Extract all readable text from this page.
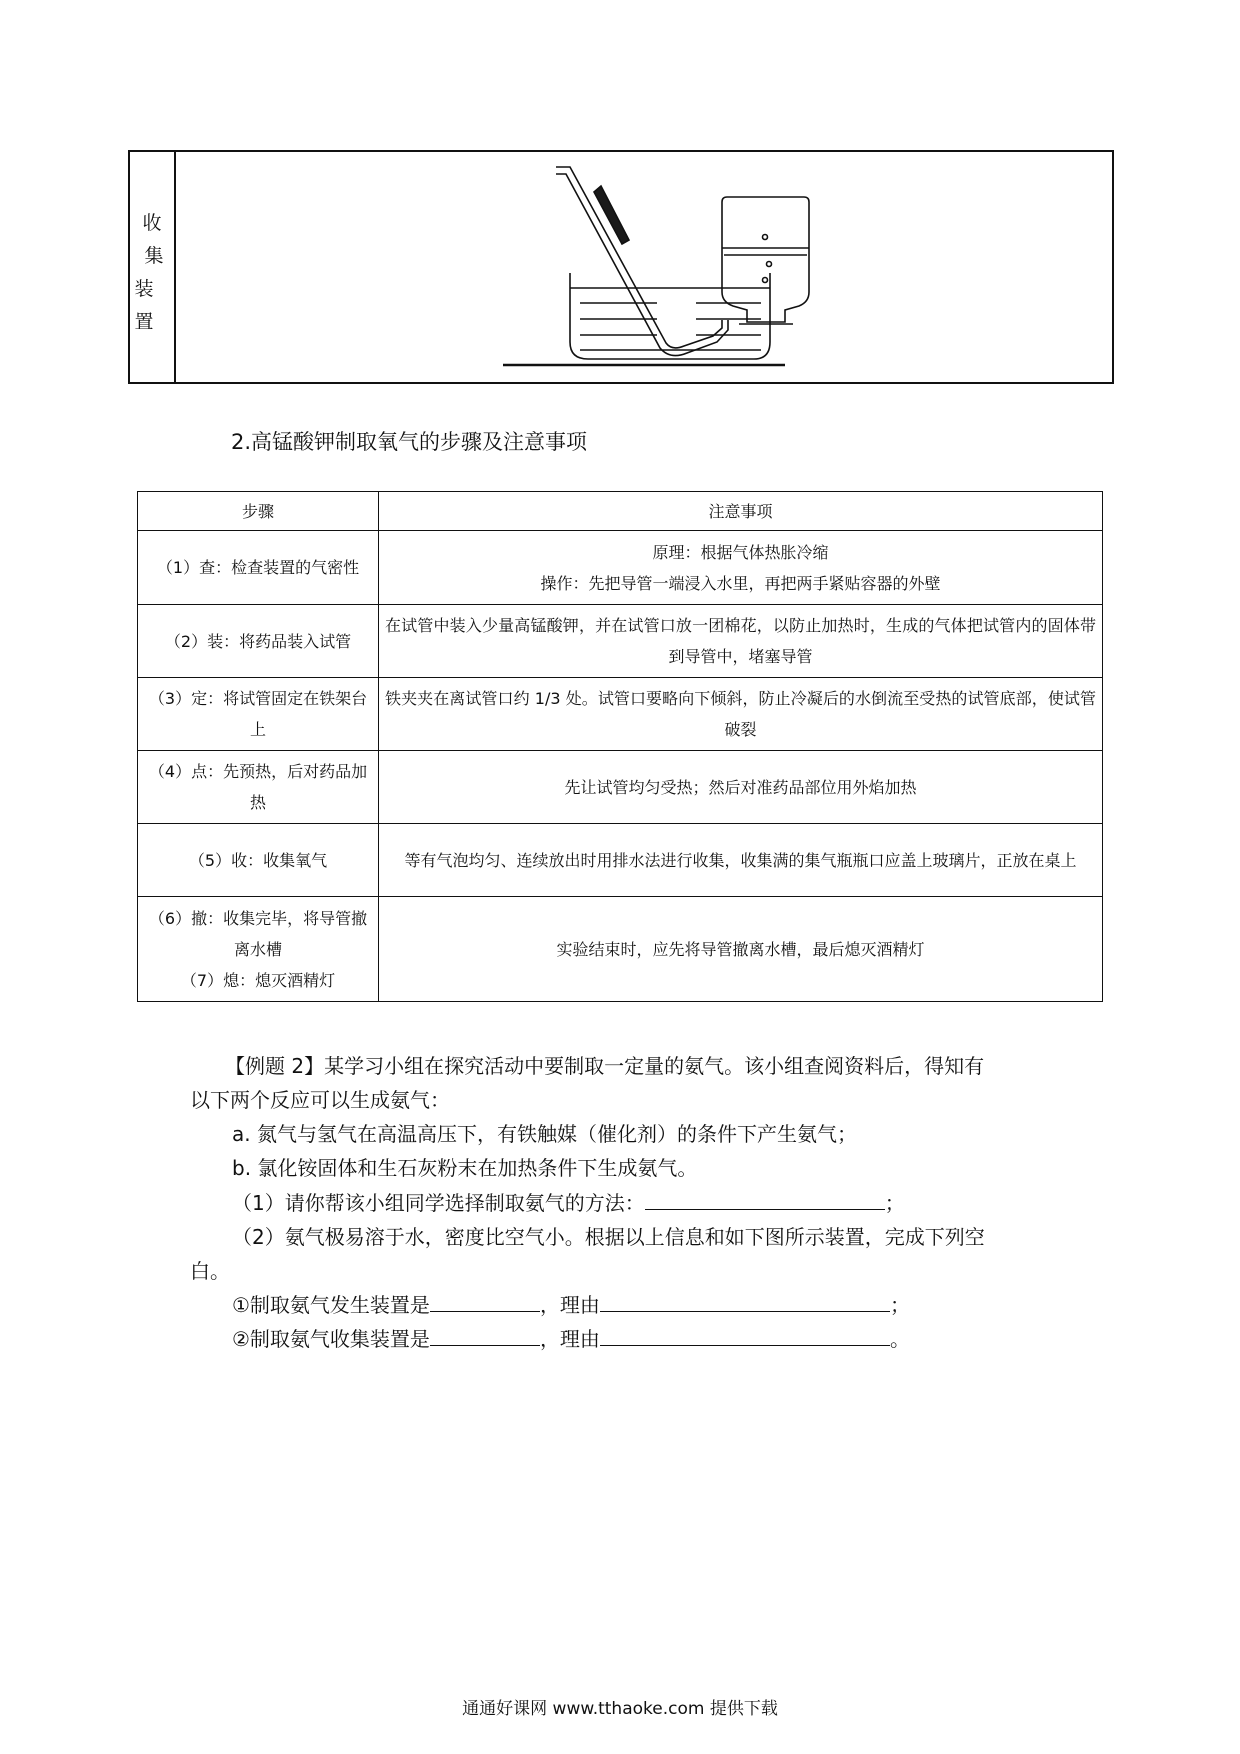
收
集
装
置
2.高锰酸钾制取氧气的步骤及注意事项
步骤	注意事项
（1）查：检查装置的气密性	原理：根据气体热胀冷缩
操作：先把导管一端浸入水里，再把两手紧贴容器的外壁

（2）装：将药品装入试管	在试管中装入少量高锰酸钾，并在试管口放一团棉花，以防止加热时，生成的气体把试管内的固体带到导管中，堵塞导管
（3）定：将试管固定在铁架台上	铁夹夹在离试管口约 1/3 处。试管口要略向下倾斜，防止冷凝后的水倒流至受热的试管底部，使试管破裂
（4）点：先预热，后对药品加热	先让试管均匀受热；然后对准药品部位用外焰加热
（5）收：收集氧气	等有气泡均匀、连续放出时用排水法进行收集，收集满的集气瓶瓶口应盖上玻璃片，正放在桌上

（6）撤：收集完毕，将导管撤离水槽
（7）熄：熄灭酒精灯	实验结束时，应先将导管撤离水槽，最后熄灭酒精灯
【例题 2】某学习小组在探究活动中要制取一定量的氨气。该小组查阅资料后，得知有
以下两个反应可以生成氨气：
a. 氮气与氢气在高温高压下，有铁触媒（催化剂）的条件下产生氨气；
b. 氯化铵固体和生石灰粉末在加热条件下生成氨气。
（1）请你帮该小组同学选择制取氨气的方法：	；
（2）氨气极易溶于水，密度比空气小。根据以上信息和如下图所示装置，完成下列空
白。
①制取氨气发生装置是	，理由	；
②制取氨气收集装置是	，理由	。
通通好课网 www.tthaoke.com 提供下载
